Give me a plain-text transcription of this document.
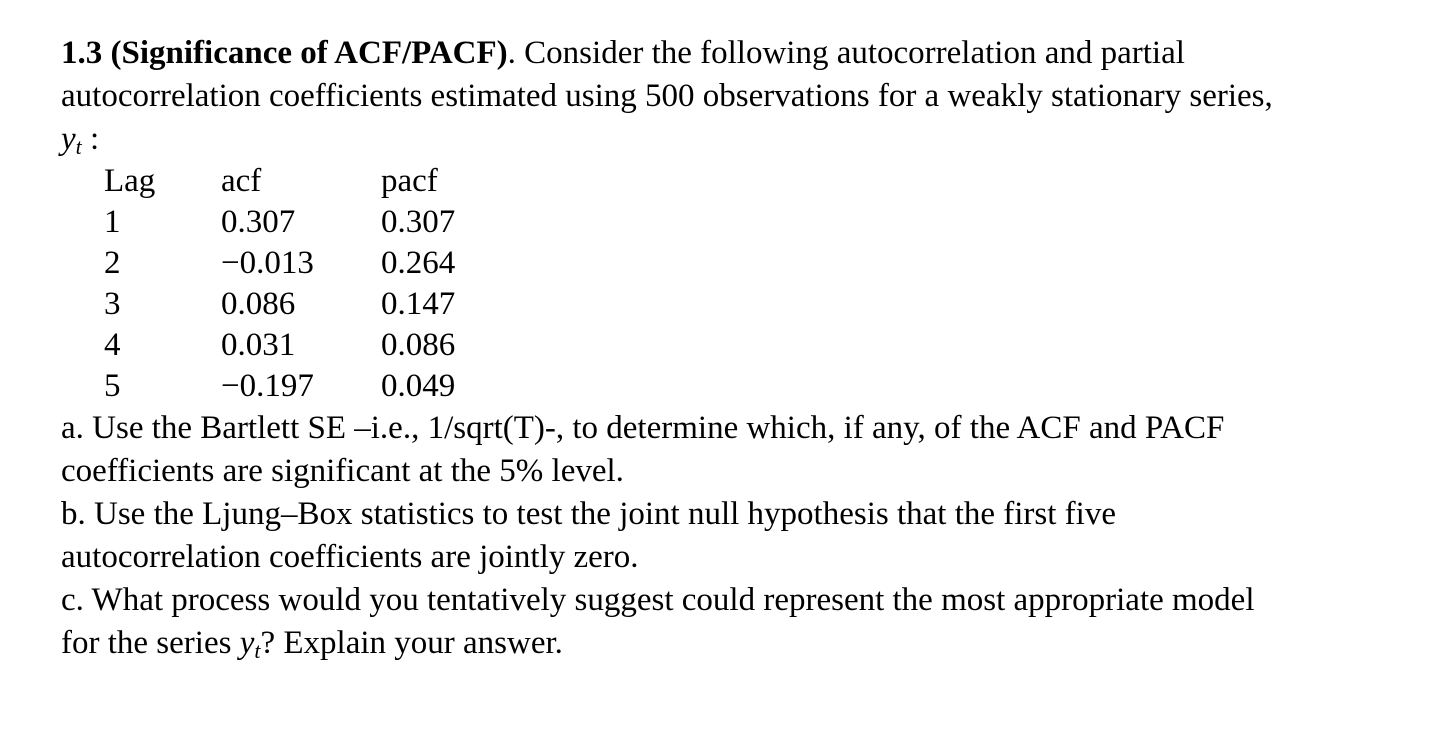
1.3 (Significance of ACF/PACF). Consider the following autocorrelation and partial
autocorrelation coefficients estimated using 500 observations for a weakly stationary series,
yt :
Lag	acf	pacf
1	0.307	0.307
2	−0.013	0.264
3	0.086	0.147
4	0.031	0.086
5	−0.197	0.049
a. Use the Bartlett SE –i.e., 1/sqrt(T)-, to determine which, if any, of the ACF and PACF
coefficients are significant at the 5% level.
b. Use the Ljung–Box statistics to test the joint null hypothesis that the first five
autocorrelation coefficients are jointly zero.
c. What process would you tentatively suggest could represent the most appropriate model
for the series yt? Explain your answer.
